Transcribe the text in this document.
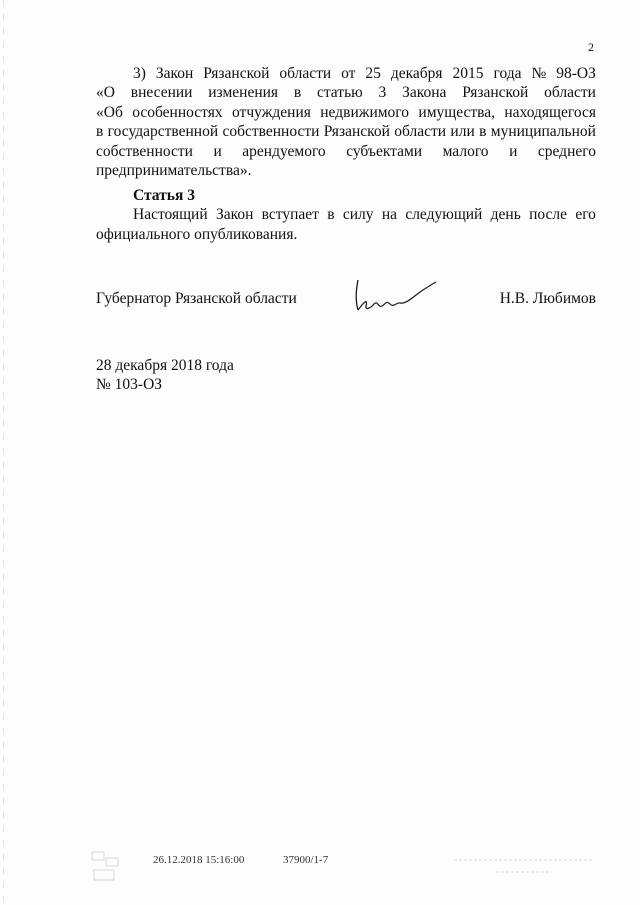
2
3) Закон Рязанской области от 25 декабря 2015 года № 98-ОЗ
«О внесении изменения в статью 3 Закона Рязанской области
«Об особенностях отчуждения недвижимого имущества, находящегося
в государственной собственности Рязанской области или в муниципальной
собственности и арендуемого субъектами малого и среднего
предпринимательства».
Статья 3
Настоящий Закон вступает в силу на следующий день после его
официального опубликования.
Губернатор Рязанской области	Н.В. Любимов
28 декабря 2018 года
№ 103-ОЗ
26.12.2018 15:16:00	37900/1-7
